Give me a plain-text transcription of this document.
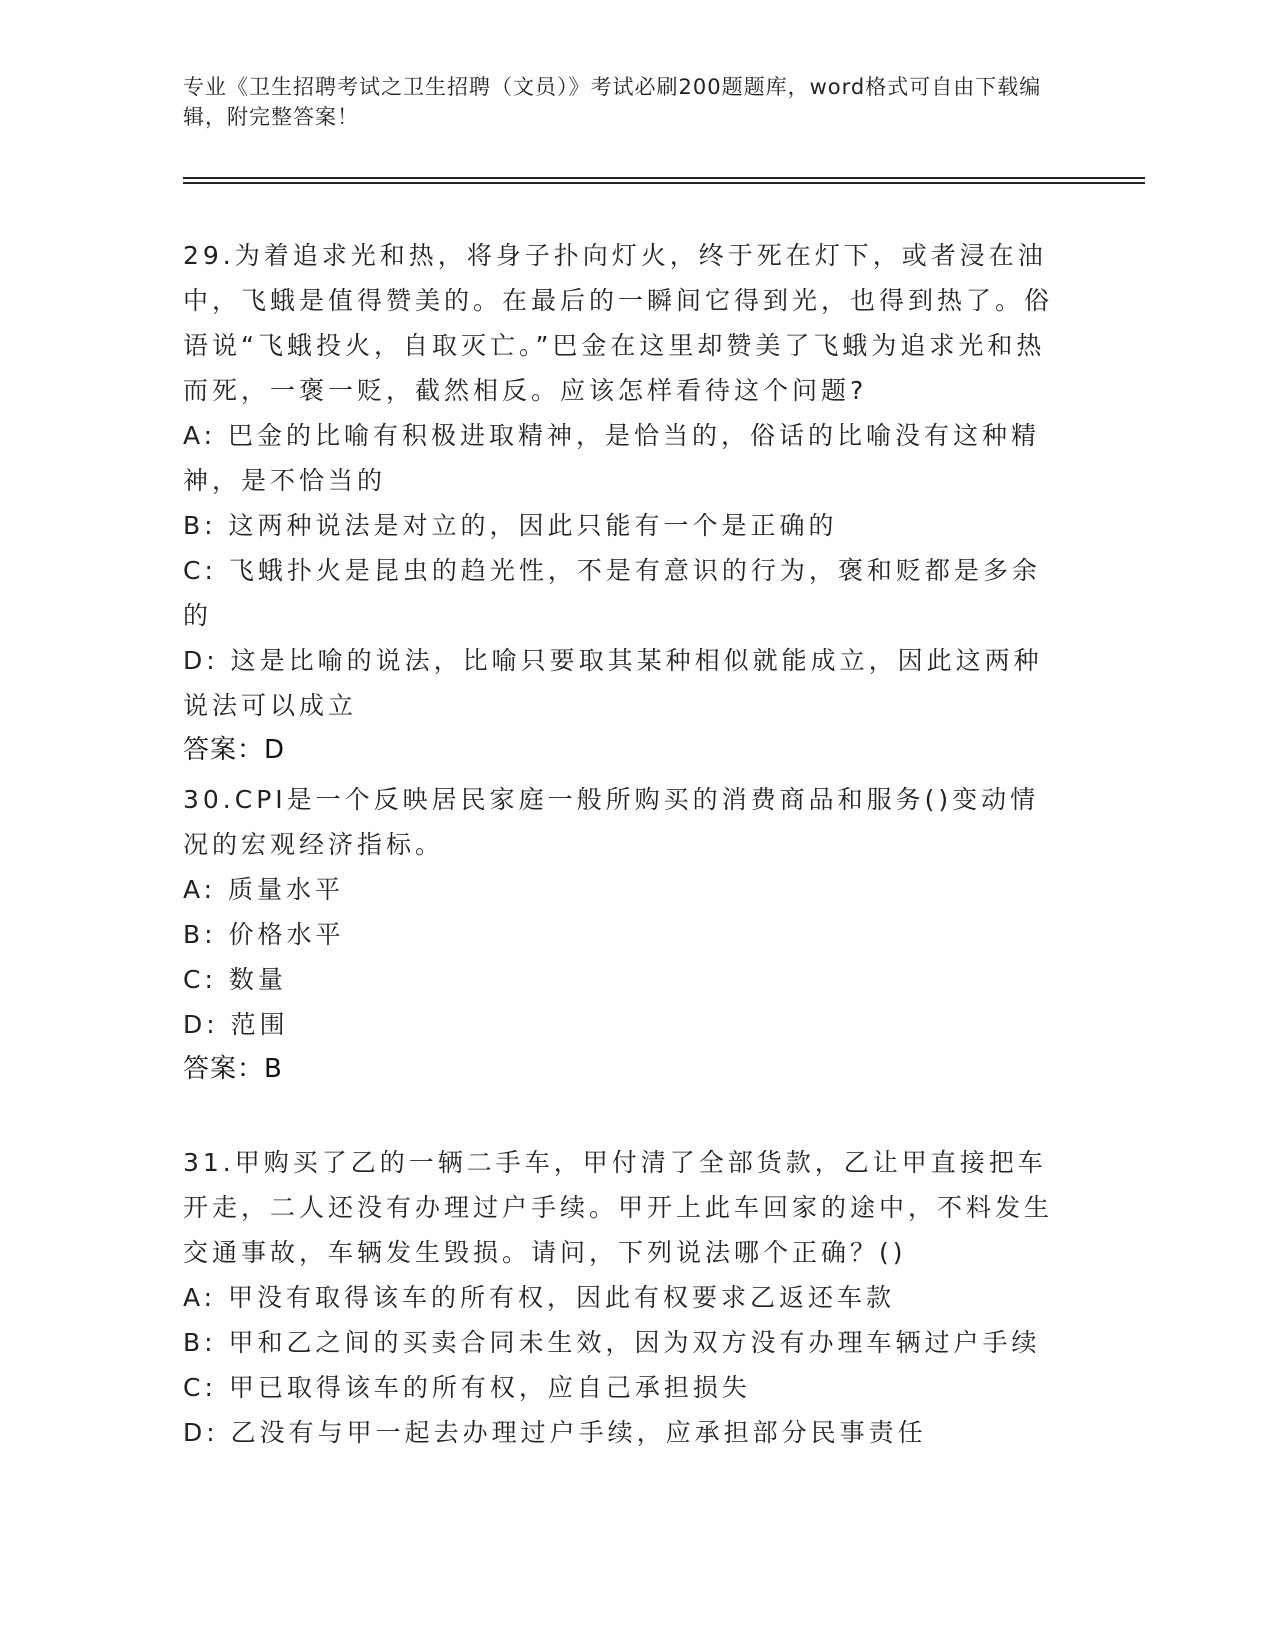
专业《卫生招聘考试之卫生招聘（文员）》考试必刷200题题库，word格式可自由下载编辑，附完整答案！

29.为着追求光和热，将身子扑向灯火，终于死在灯下，或者浸在油中，飞蛾是值得赞美的。在最后的一瞬间它得到光，也得到热了。俗语说“飞蛾投火，自取灭亡。”巴金在这里却赞美了飞蛾为追求光和热而死，一褒一贬，截然相反。应该怎样看待这个问题?

A: 巴金的比喻有积极进取精神，是恰当的，俗话的比喻没有这种精神，是不恰当的

B: 这两种说法是对立的，因此只能有一个是正确的

C: 飞蛾扑火是昆虫的趋光性，不是有意识的行为，褒和贬都是多余的

D: 这是比喻的说法，比喻只要取其某种相似就能成立，因此这两种说法可以成立

答案：D

30.CPI是一个反映居民家庭一般所购买的消费商品和服务()变动情况的宏观经济指标。

A: 质量水平

B: 价格水平

C: 数量

D: 范围

答案：B

31.甲购买了乙的一辆二手车，甲付清了全部货款，乙让甲直接把车开走，二人还没有办理过户手续。甲开上此车回家的途中，不料发生交通事故，车辆发生毁损。请问，下列说法哪个正确？()

A: 甲没有取得该车的所有权，因此有权要求乙返还车款

B: 甲和乙之间的买卖合同未生效，因为双方没有办理车辆过户手续

C: 甲已取得该车的所有权，应自己承担损失

D: 乙没有与甲一起去办理过户手续，应承担部分民事责任
